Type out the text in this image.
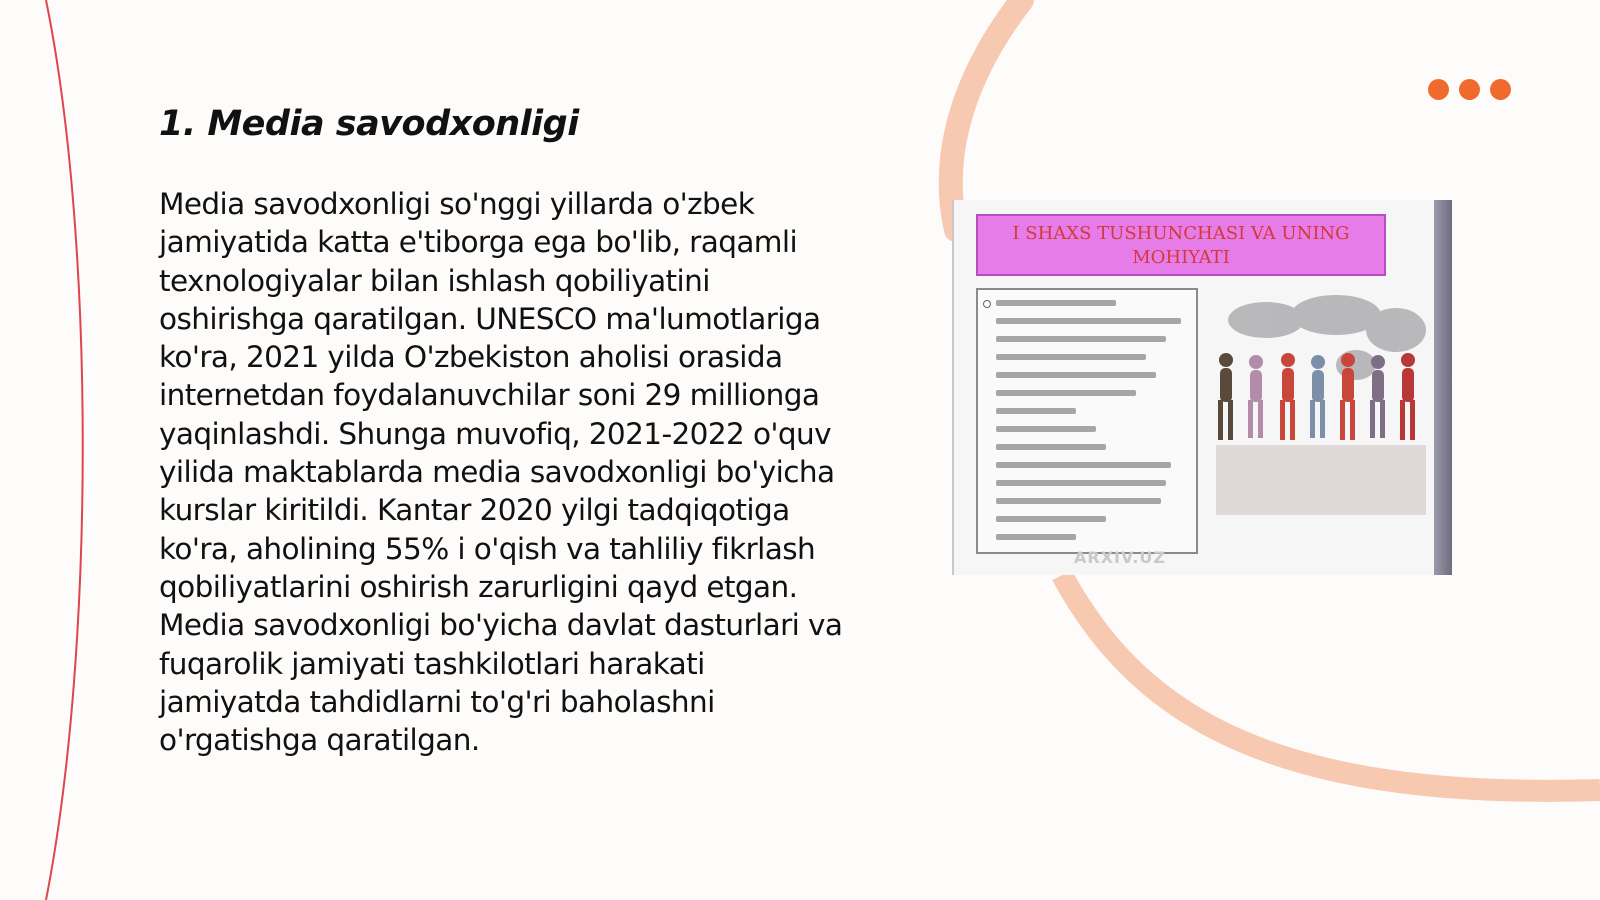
1. Media savodxonligi

Media savodxonligi so'nggi yillarda o'zbek jamiyatida katta e'tiborga ega bo'lib, raqamli texnologiyalar bilan ishlash qobiliyatini oshirishga qaratilgan. UNESCO ma'lumotlariga ko'ra, 2021 yilda O'zbekiston aholisi orasida internetdan foydalanuvchilar soni 29 millionga yaqinlashdi. Shunga muvofiq, 2021-2022 o'quv yilida maktablarda media savodxonligi bo'yicha kurslar kiritildi. Kantar 2020 yilgi tadqiqotiga ko'ra, aholining 55% i o'qish va tahliliy fikrlash qobiliyatlarini oshirish zarurligini qayd etgan. Media savodxonligi bo'yicha davlat dasturlari va fuqarolik jamiyati tashkilotlari harakati jamiyatda tahdidlarni to'g'ri baholashni o'rgatishga qaratilgan.

I SHAXS TUSHUNCHASI VA UNING MOHIYATI
ARXIV.UZ
